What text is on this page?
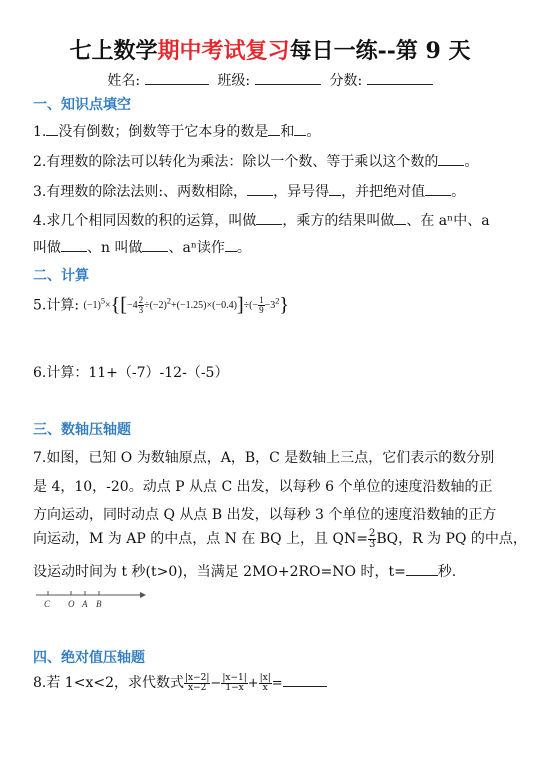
七上数学期中考试复习每日一练--第 9 天
姓名:	班级:	分数:
一、知识点填空
1. 没有倒数；倒数等于它本身的数是 和 。
2.有理数的除法可以转化为乘法：除以一个数、等于乘以这个数的 。
3.有理数的除法法则:、两数相除， ，异号得 ，并把绝对值 。
4.求几个相同因数的积的运算，叫做 ，乘方的结果叫做 、在 aⁿ中、a
叫做 、n 叫做 、aⁿ读作 。
二、计算
5.计算: $(-1)^5\times\{[-4 \frac{2}{3} \div(-2)^2+(-1.25)\times(-0.4)]\div(- \frac{1}{9} -3^2\}$
6.计算：11+（-7）-12-（-5）
三、数轴压轴题
7.如图，已知 O 为数轴原点，A，B，C 是数轴上三点，它们表示的数分别
是 4，10，-20。动点 P 从点 C 出发，以每秒 6 个单位的速度沿数轴的正
方向运动，同时动点 Q 从点 B 出发，以每秒 3 个单位的速度沿数轴的正方
向运动，M 为 AP 的中点，点 N 在 BQ 上，且 $QN= \frac{2}{3}$ BQ，R 为 PQ 的中点，
设运动时间为 t 秒(t>0)，当满足 2MO+2RO=NO 时，t= 秒.
C O A B
四、绝对值压轴题
8.若 1<x<2，求代数式 $\frac{|x-2|}{x-2} - \frac{|x-1|}{1-x} + \frac{|x|}{x}$ =
